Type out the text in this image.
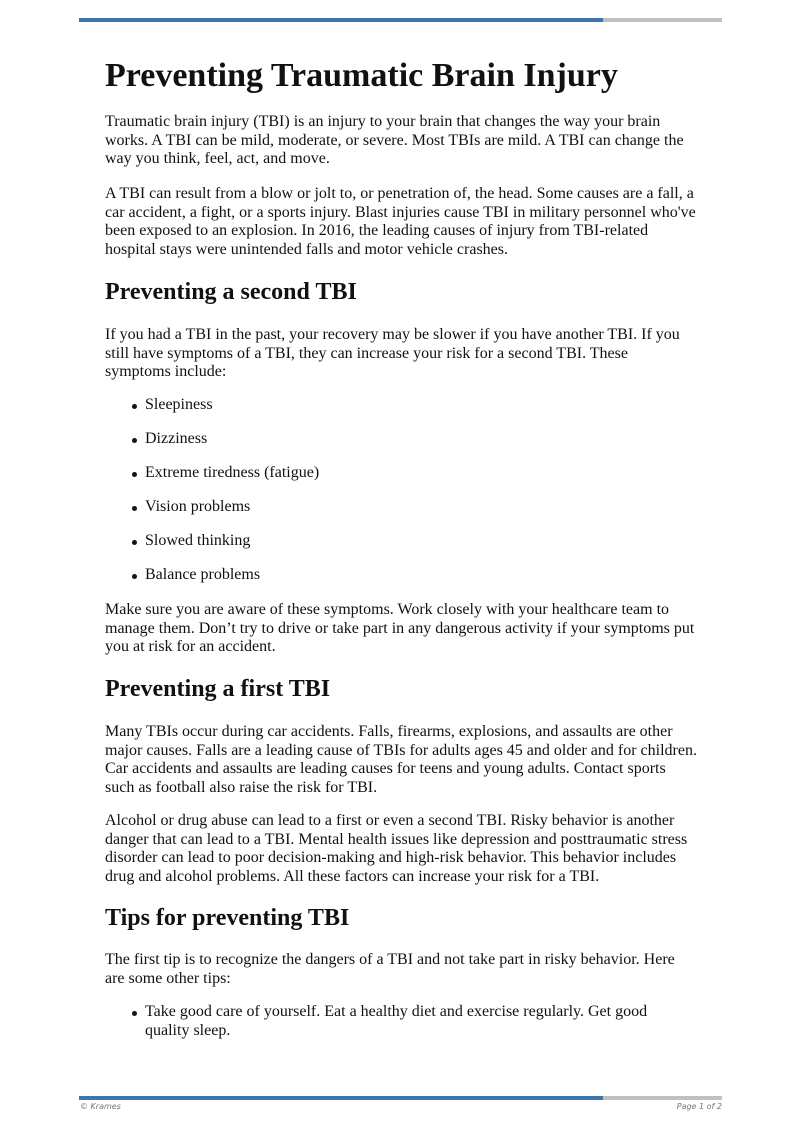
Preventing Traumatic Brain Injury

Traumatic brain injury (TBI) is an injury to your brain that changes the way your brain works. A TBI can be mild, moderate, or severe. Most TBIs are mild. A TBI can change the way you think, feel, act, and move.

A TBI can result from a blow or jolt to, or penetration of, the head. Some causes are a fall, a car accident, a fight, or a sports injury. Blast injuries cause TBI in military personnel who've been exposed to an explosion. In 2016, the leading causes of injury from TBI-related hospital stays were unintended falls and motor vehicle crashes.

Preventing a second TBI

If you had a TBI in the past, your recovery may be slower if you have another TBI. If you still have symptoms of a TBI, they can increase your risk for a second TBI. These symptoms include:

Sleepiness
Dizziness
Extreme tiredness (fatigue)
Vision problems
Slowed thinking
Balance problems

Make sure you are aware of these symptoms. Work closely with your healthcare team to manage them. Don’t try to drive or take part in any dangerous activity if your symptoms put you at risk for an accident.

Preventing a first TBI

Many TBIs occur during car accidents. Falls, firearms, explosions, and assaults are other major causes. Falls are a leading cause of TBIs for adults ages 45 and older and for children. Car accidents and assaults are leading causes for teens and young adults. Contact sports such as football also raise the risk for TBI.

Alcohol or drug abuse can lead to a first or even a second TBI. Risky behavior is another danger that can lead to a TBI. Mental health issues like depression and posttraumatic stress disorder can lead to poor decision-making and high-risk behavior. This behavior includes drug and alcohol problems. All these factors can increase your risk for a TBI.

Tips for preventing TBI

The first tip is to recognize the dangers of a TBI and not take part in risky behavior. Here are some other tips:

Take good care of yourself. Eat a healthy diet and exercise regularly. Get good quality sleep.
© Krames	Page 1 of 2
